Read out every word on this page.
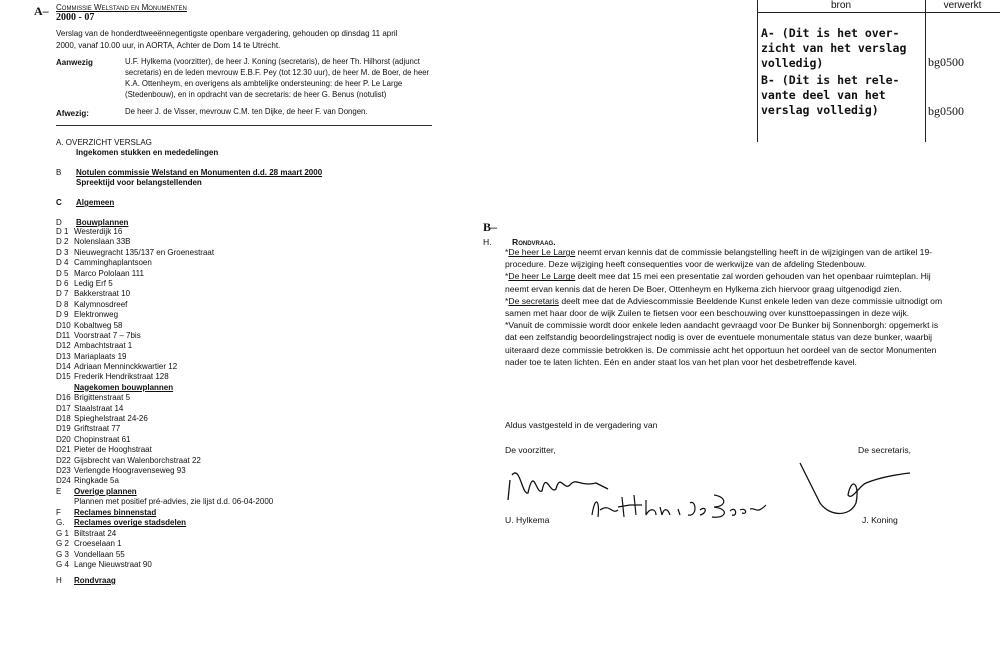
A– Commissie Welstand en Monumenten
2000 - 07
Verslag van de honderdtweeënnegentigste openbare vergadering, gehouden op dinsdag 11 april 2000, vanaf 10.00 uur, in AORTA, Achter de Dom 14 te Utrecht.
Aanwezig	U.F. Hylkema (voorzitter), de heer J. Koning (secretaris), de heer Th. Hilhorst (adjunct secretaris) en de leden mevrouw E.B.F. Pey (tot 12.30 uur), de heer M. de Boer, de heer K.A. Ottenheym, en overigens als ambtelijke ondersteuning: de heer P. Le Large (Stedenbouw), en in opdracht van de secretaris: de heer G. Benus (notulist)
Afwezig:	De heer J. de Visser, mevrouw C.M. ten Dijke, de heer F. van Dongen.
A. OVERZICHT VERSLAG
Ingekomen stukken en mededelingen
B Notulen commissie Welstand en Monumenten d.d. 28 maart 2000
Spreektijd voor belangstellenden
C Algemeen
D Bouwplannen
D 1 Westerdijk 16
D 2 Nolenslaan 33B
D 3 Nieuwegracht 135/137 en Groenestraat
D 4 Camminghaplantsoen
D 5 Marco Pololaan 111
D 6 Ledig Erf 5
D 7 Bakkerstraat 10
D 8 Kalymnosdreef
D 9 Elektronweg
D10 Kobaltweg 58
D11 Voorstraat 7 – 7bis
D12 Ambachtstraat 1
D13 Mariaplaats 19
D14 Adriaan Menninckkwartier 12
D15 Frederik Hendrikstraat 128
Nagekomen bouwplannen
D16 Brigittenstraat 5
D17 Staalstraat 14
D18 Spieghelstraat 24-26
D19 Griftstraat 77
D20 Chopinstraat 61
D21 Pieter de Hooghstraat
D22 Gijsbrecht van Walenborchstraat 22
D23 Verlengde Hoogravenseweg 93
D24 Ringkade 5a
E Overige plannen
Plannen met positief pré-advies, zie lijst d.d. 06-04-2000
F Reclames binnenstad
G. Reclames overige stadsdelen
G 1 Biltstraat 24
G 2 Croeselaan 1
G 3 Vondellaan 55
G 4 Lange Nieuwstraat 90
H Rondvraag
B–
H. Rondvraag.
*De heer Le Large neemt ervan kennis dat de commissie belangstelling heeft in de wijzigingen van de artikel 19- procedure. Deze wijziging heeft consequenties voor de werkwijze van de afdeling Stedenbouw.
*De heer Le Large deelt mee dat 15 mei een presentatie zal worden gehouden van het openbaar ruimteplan. Hij neemt ervan kennis dat de heren De Boer, Ottenheym en Hylkema zich hiervoor graag uitgenodigd zien.
*De secretaris deelt mee dat de Adviescommissie Beeldende Kunst enkele leden van deze commissie uitnodigt om samen met haar door de wijk Zuilen te fietsen voor een beschouwing over kunsttoepassingen in deze wijk.
*Vanuit de commissie wordt door enkele leden aandacht gevraagd voor De Bunker bij Sonnenborgh: opgemerkt is dat een zelfstandig beoordelingstraject nodig is over de eventuele monumentale status van deze bunker, waarbij uiteraard deze commissie betrokken is. De commissie acht het opportuun het oordeel van de sector Monumenten nader toe te laten lichten. Eén en ander staat los van het plan voor het desbetreffende kavel.
Aldus vastgesteld in de vergadering van
De voorzitter,
U. Hylkema
De secretaris,
J. Koning
bron	verwerkt
A- (Dit is het over-
zicht van het verslag
volledig)	bg0500
B- (Dit is het rele-
vante deel van het
verslag volledig)	bg0500
